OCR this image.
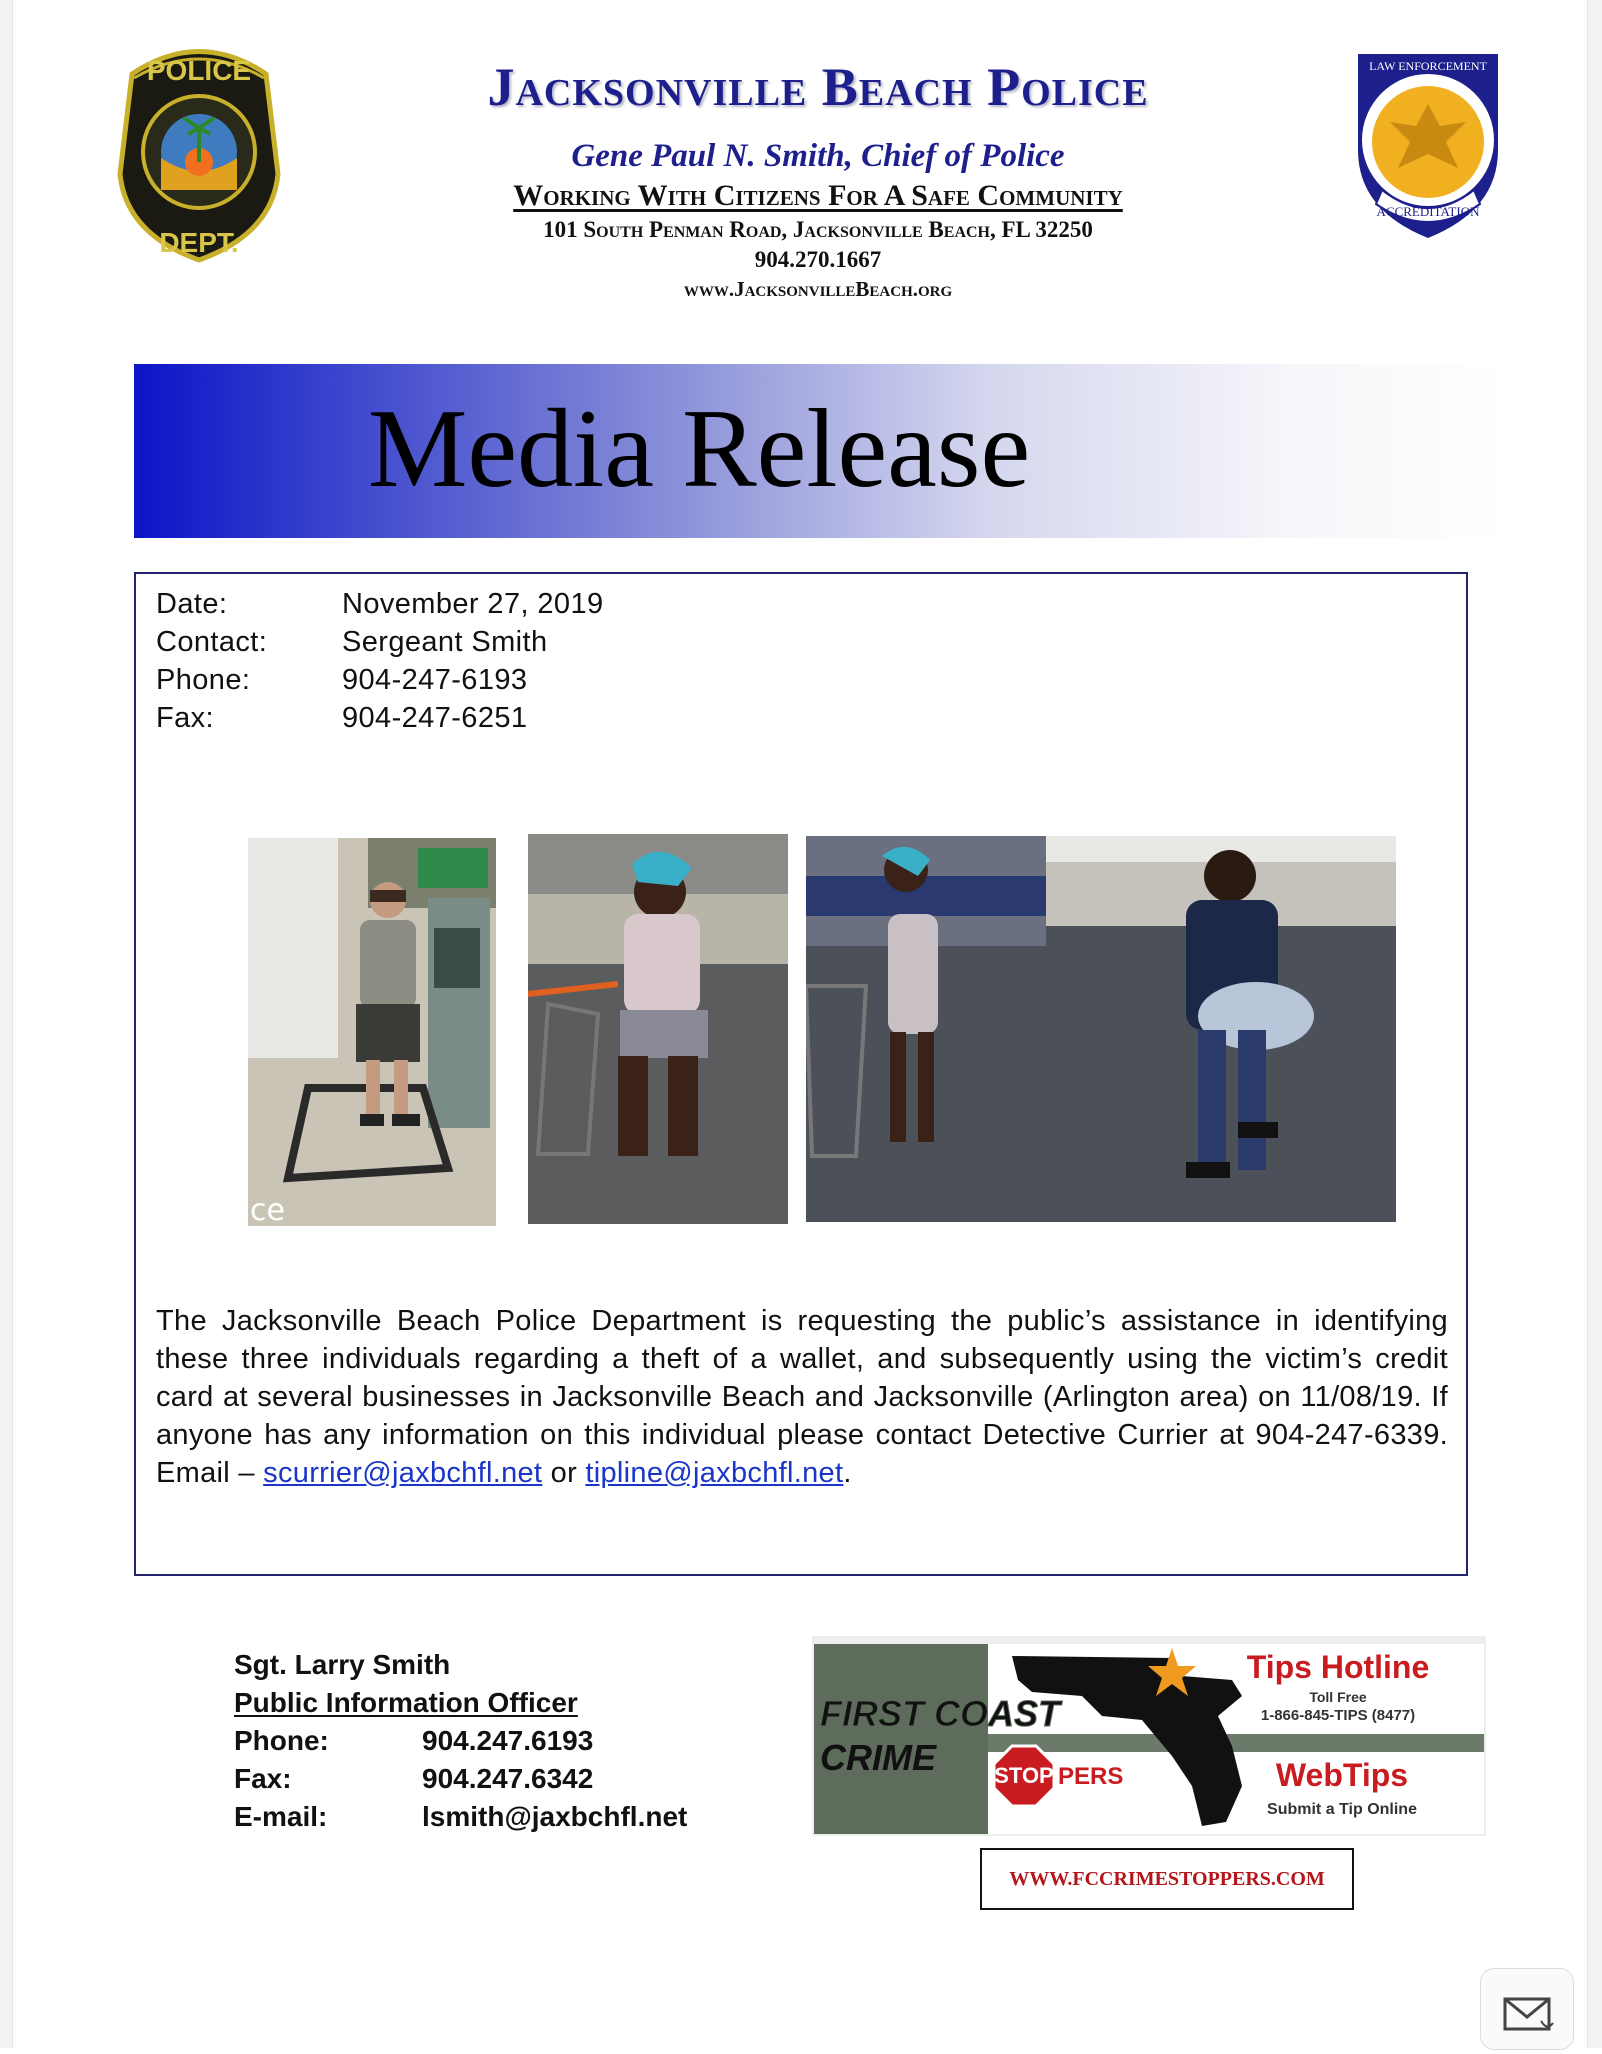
POLICE
DEPT.
ACCREDITATION
LAW ENFORCEMENT
Jacksonville Beach Police
Gene Paul N. Smith, Chief of Police
Working With Citizens For A Safe Community
101 South Penman Road, Jacksonville Beach, FL 32250
904.270.1667
www.JacksonvilleBeach.org
Media Release
Date:	November 27, 2019
Contact:	Sergeant Smith
Phone:	904-247-6193
Fax:	904-247-6251
ce
The Jacksonville Beach Police Department is requesting the public’s assistance in identifying these three individuals regarding a theft of a wallet, and subsequently using the victim’s credit card at several businesses in Jacksonville Beach and Jacksonville (Arlington area) on 11/08/19. If anyone has any information on this individual please contact Detective Currier at 904-247-6339. Email – scurrier@jaxbchfl.net or tipline@jaxbchfl.net.
Sgt. Larry Smith
Public Information Officer
Phone:	904.247.6193
Fax:	904.247.6342
E-mail:	lsmith@jaxbchfl.net
FIRST COAST
CRIME	STOP PERS
Tips Hotline
Toll Free
1-866-845-TIPS (8477)
WebTips
Submit a Tip Online
WWW.FCCRIMESTOPPERS.COM
